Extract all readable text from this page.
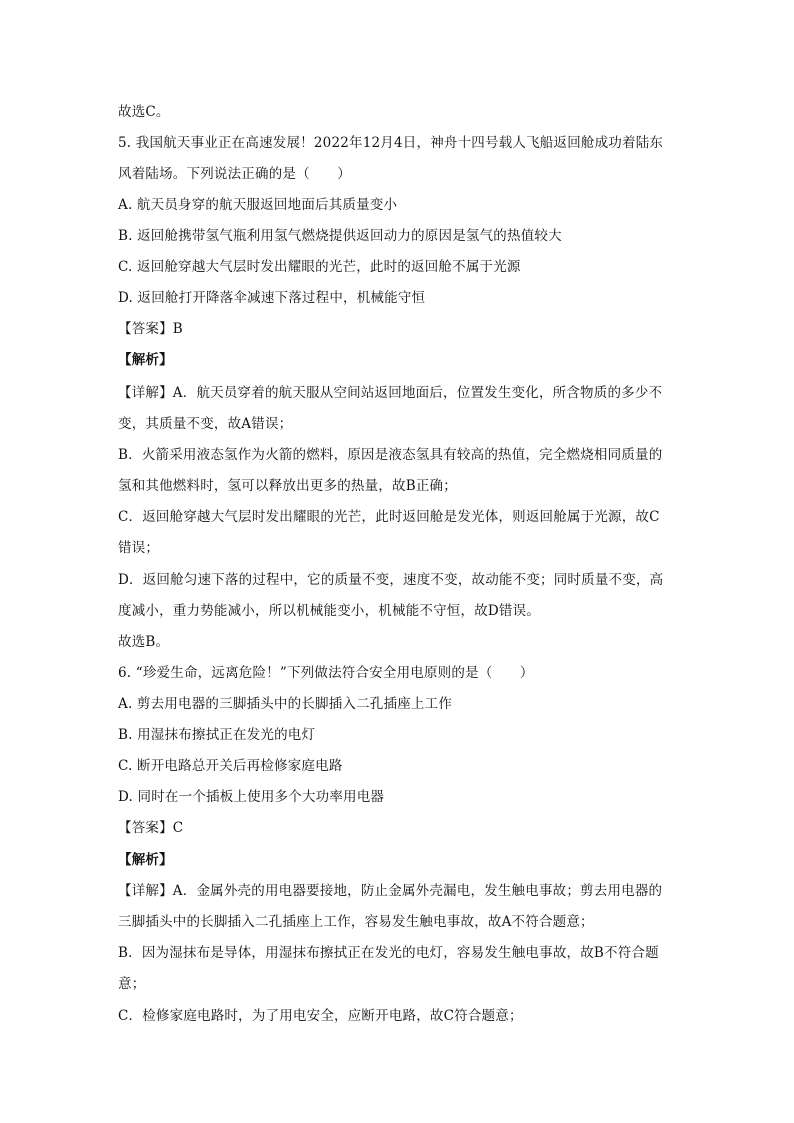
故选C。
5. 我国航天事业正在高速发展！2022年12月4日，神舟十四号载人飞船返回舱成功着陆东
风着陆场。下列说法正确的是（　　）
A. 航天员身穿的航天服返回地面后其质量变小
B. 返回舱携带氢气瓶利用氢气燃烧提供返回动力的原因是氢气的热值较大
C. 返回舱穿越大气层时发出耀眼的光芒，此时的返回舱不属于光源
D. 返回舱打开降落伞减速下落过程中，机械能守恒
【答案】B
【解析】
【详解】A．航天员穿着的航天服从空间站返回地面后，位置发生变化，所含物质的多少不
变，其质量不变，故A错误；
B．火箭采用液态氢作为火箭的燃料，原因是液态氢具有较高的热值，完全燃烧相同质量的
氢和其他燃料时，氢可以释放出更多的热量，故B正确；
C．返回舱穿越大气层时发出耀眼的光芒，此时返回舱是发光体，则返回舱属于光源，故C
错误；
D．返回舱匀速下落的过程中，它的质量不变，速度不变，故动能不变；同时质量不变，高
度减小，重力势能减小，所以机械能变小，机械能不守恒，故D错误。
故选B。
6. “珍爱生命，远离危险！”下列做法符合安全用电原则的是（　　）
A. 剪去用电器的三脚插头中的长脚插入二孔插座上工作
B. 用湿抹布擦拭正在发光的电灯
C. 断开电路总开关后再检修家庭电路
D. 同时在一个插板上使用多个大功率用电器
【答案】C
【解析】
【详解】A．金属外壳的用电器要接地，防止金属外壳漏电，发生触电事故；剪去用电器的
三脚插头中的长脚插入二孔插座上工作，容易发生触电事故，故A不符合题意；
B．因为湿抹布是导体，用湿抹布擦拭正在发光的电灯，容易发生触电事故，故B不符合题
意；
C．检修家庭电路时，为了用电安全，应断开电路，故C符合题意；
